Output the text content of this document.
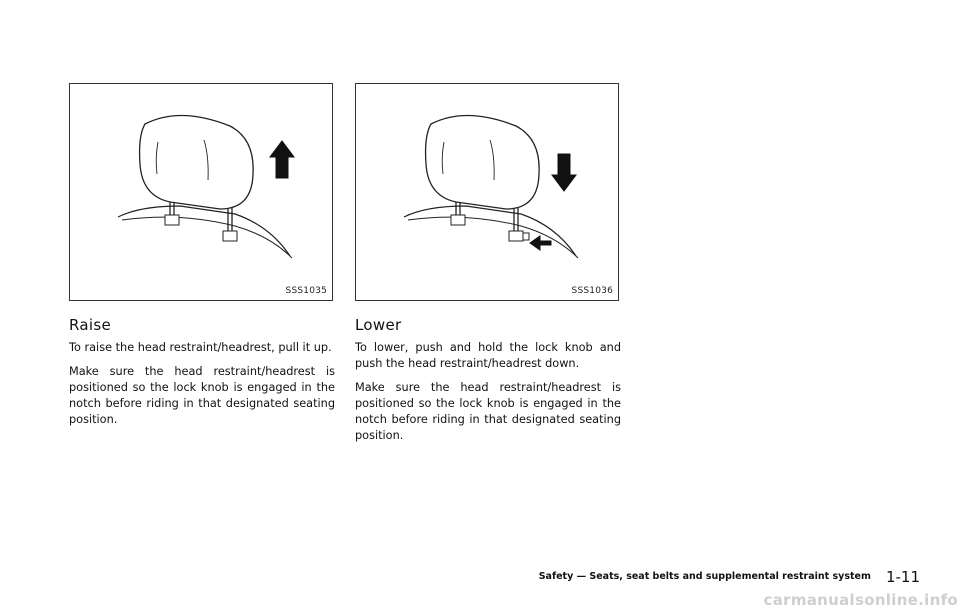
SSS1035	SSS1036
Raise

To raise the head restraint/headrest, pull it up.

Make sure the head restraint/headrest is positioned so the lock knob is engaged in the notch before riding in that designated seating position.

Lower

To lower, push and hold the lock knob and push the head restraint/headrest down.

Make sure the head restraint/headrest is positioned so the lock knob is engaged in the notch before riding in that designated seating position.

Safety — Seats, seat belts and supplemental restraint system 1-11
carmanualsonline.info
